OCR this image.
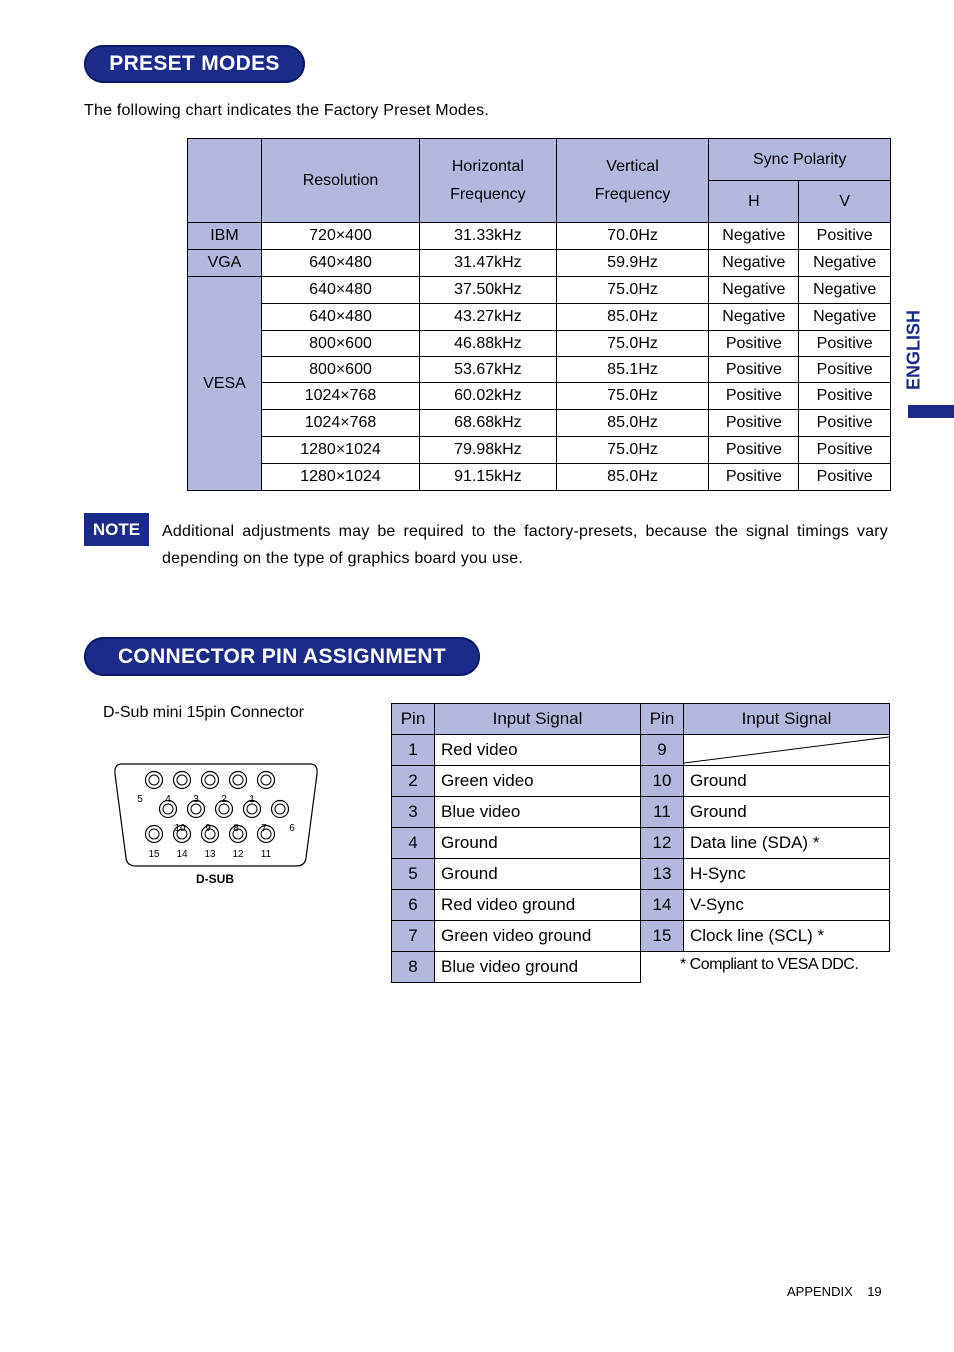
PRESET MODES
ENGLISH
The following chart indicates the Factory Preset Modes.
	Resolution	Horizontal Frequency	Vertical Frequency	Sync Polarity	
				H	V
IBM	720×400	31.33kHz	70.0Hz	Negative	Positive
VGA	640×480	31.47kHz	59.9Hz	Negative	Negative
VESA	640×480	37.50kHz	75.0Hz	Negative	Negative
	640×480	43.27kHz	85.0Hz	Negative	Negative
	800×600	46.88kHz	75.0Hz	Positive	Positive
	800×600	53.67kHz	85.1Hz	Positive	Positive
	1024×768	60.02kHz	75.0Hz	Positive	Positive
	1024×768	68.68kHz	85.0Hz	Positive	Positive
	1280×1024	79.98kHz	75.0Hz	Positive	Positive
	1280×1024	91.15kHz	85.0Hz	Positive	Positive
NOTE	Additional adjustments may be required to the factory-presets, because the signal timings vary depending on the type of graphics board you use.
CONNECTOR PIN ASSIGNMENT
D-Sub mini 15pin Connector
5 4 3 2 1
10 9 8 7 6
15 14 13 12 11
D-SUB
Pin	Input Signal	Pin	Input Signal
1	Red video	9	

2	Green video	10	Ground
3	Blue video	11	Ground
4	Ground	12	Data line (SDA) *
5	Ground	13	H-Sync
6	Red video ground	14	V-Sync
7	Green video ground	15	Clock line (SCL) *
8	Blue video ground			* Compliant to VESA DDC.
APPENDIX 19
